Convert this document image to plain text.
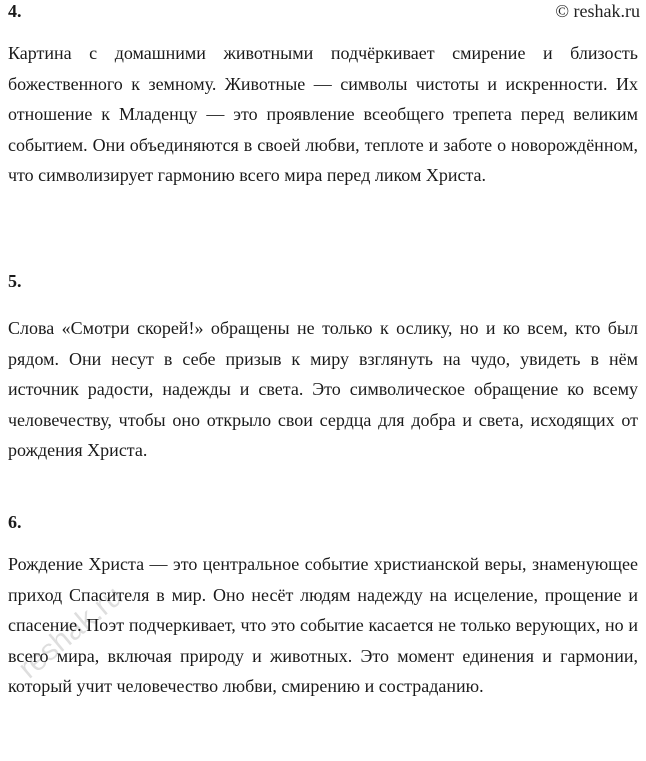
© reshak.ru

4.

Картина с домашними животными подчёркивает смирение и близость божественного к земному. Животные — символы чистоты и искренности. Их отношение к Младенцу — это проявление всеобщего трепета перед великим событием. Они объединяются в своей любви, теплоте и заботе о новорождённом, что символизирует гармонию всего мира перед ликом Христа.

5.

Слова «Смотри скорей!» обращены не только к ослику, но и ко всем, кто был рядом. Они несут в себе призыв к миру взглянуть на чудо, увидеть в нём источник радости, надежды и света. Это символическое обращение ко всему человечеству, чтобы оно открыло свои сердца для добра и света, исходящих от рождения Христа.

6.

Рождение Христа — это центральное событие христианской веры, знаменующее приход Спасителя в мир. Оно несёт людям надежду на исцеление, прощение и спасение. Поэт подчеркивает, что это событие касается не только верующих, но и всего мира, включая природу и животных. Это момент единения и гармонии, который учит человечество любви, смирению и состраданию.

reshak.ru
